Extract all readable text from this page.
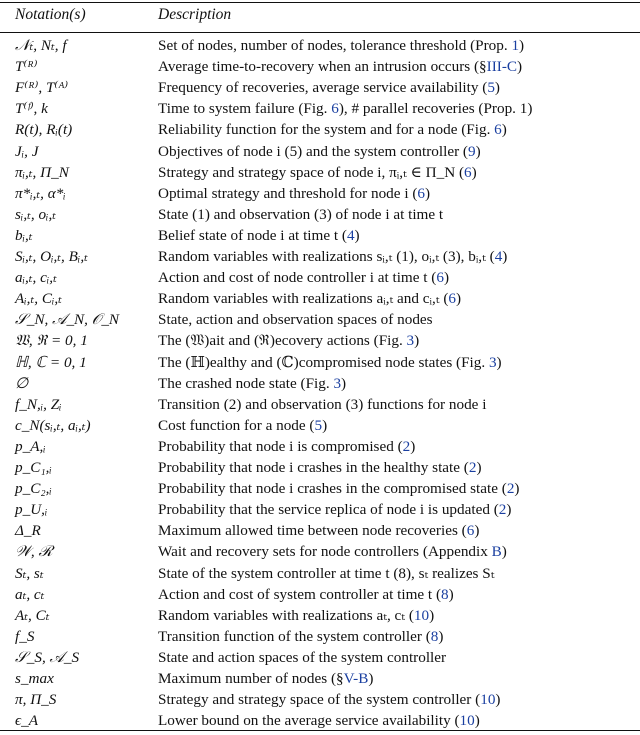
Notation(s)	Description
𝒩ₜ, Nₜ, f	Set of nodes, number of nodes, tolerance threshold (Prop. 1)
T⁽ᴿ⁾	Average time-to-recovery when an intrusion occurs (§III-C)
F⁽ᴿ⁾, T⁽ᴬ⁾	Frequency of recoveries, average service availability (5)
T⁽ᶠ⁾, k	Time to system failure (Fig. 6), # parallel recoveries (Prop. 1)
R(t), Rᵢ(t)	Reliability function for the system and for a node (Fig. 6)
Jᵢ, J	Objectives of node i (5) and the system controller (9)
πᵢ,ₜ, Π_N	Strategy and strategy space of node i, πᵢ,ₜ ∈ Π_N (6)
π*ᵢ,ₜ, α*ᵢ	Optimal strategy and threshold for node i (6)
sᵢ,ₜ, oᵢ,ₜ	State (1) and observation (3) of node i at time t
bᵢ,ₜ	Belief state of node i at time t (4)
Sᵢ,ₜ, Oᵢ,ₜ, Bᵢ,ₜ	Random variables with realizations sᵢ,ₜ (1), oᵢ,ₜ (3), bᵢ,ₜ (4)
aᵢ,ₜ, cᵢ,ₜ	Action and cost of node controller i at time t (6)
Aᵢ,ₜ, Cᵢ,ₜ	Random variables with realizations aᵢ,ₜ and cᵢ,ₜ (6)
𝒮_N, 𝒜_N, 𝒪_N	State, action and observation spaces of nodes
𝔚, ℜ = 0, 1	The (𝔚)ait and (ℜ)ecovery actions (Fig. 3)
ℍ, ℂ = 0, 1	The (ℍ)ealthy and (ℂ)compromised node states (Fig. 3)
∅	The crashed node state (Fig. 3)
f_N,ᵢ, Zᵢ	Transition (2) and observation (3) functions for node i
c_N(sᵢ,ₜ, aᵢ,ₜ)	Cost function for a node (5)
p_A,ᵢ	Probability that node i is compromised (2)
p_C₁,ᵢ	Probability that node i crashes in the healthy state (2)
p_C₂,ᵢ	Probability that node i crashes in the compromised state (2)
p_U,ᵢ	Probability that the service replica of node i is updated (2)
Δ_R	Maximum allowed time between node recoveries (6)
𝒲, ℛ	Wait and recovery sets for node controllers (Appendix B)
Sₜ, sₜ	State of the system controller at time t (8), sₜ realizes Sₜ
aₜ, cₜ	Action and cost of system controller at time t (8)
Aₜ, Cₜ	Random variables with realizations aₜ, cₜ (10)
f_S	Transition function of the system controller (8)
𝒮_S, 𝒜_S	State and action spaces of the system controller
s_max	Maximum number of nodes (§V-B)
π, Π_S	Strategy and strategy space of the system controller (10)
ϵ_A	Lower bound on the average service availability (10)
